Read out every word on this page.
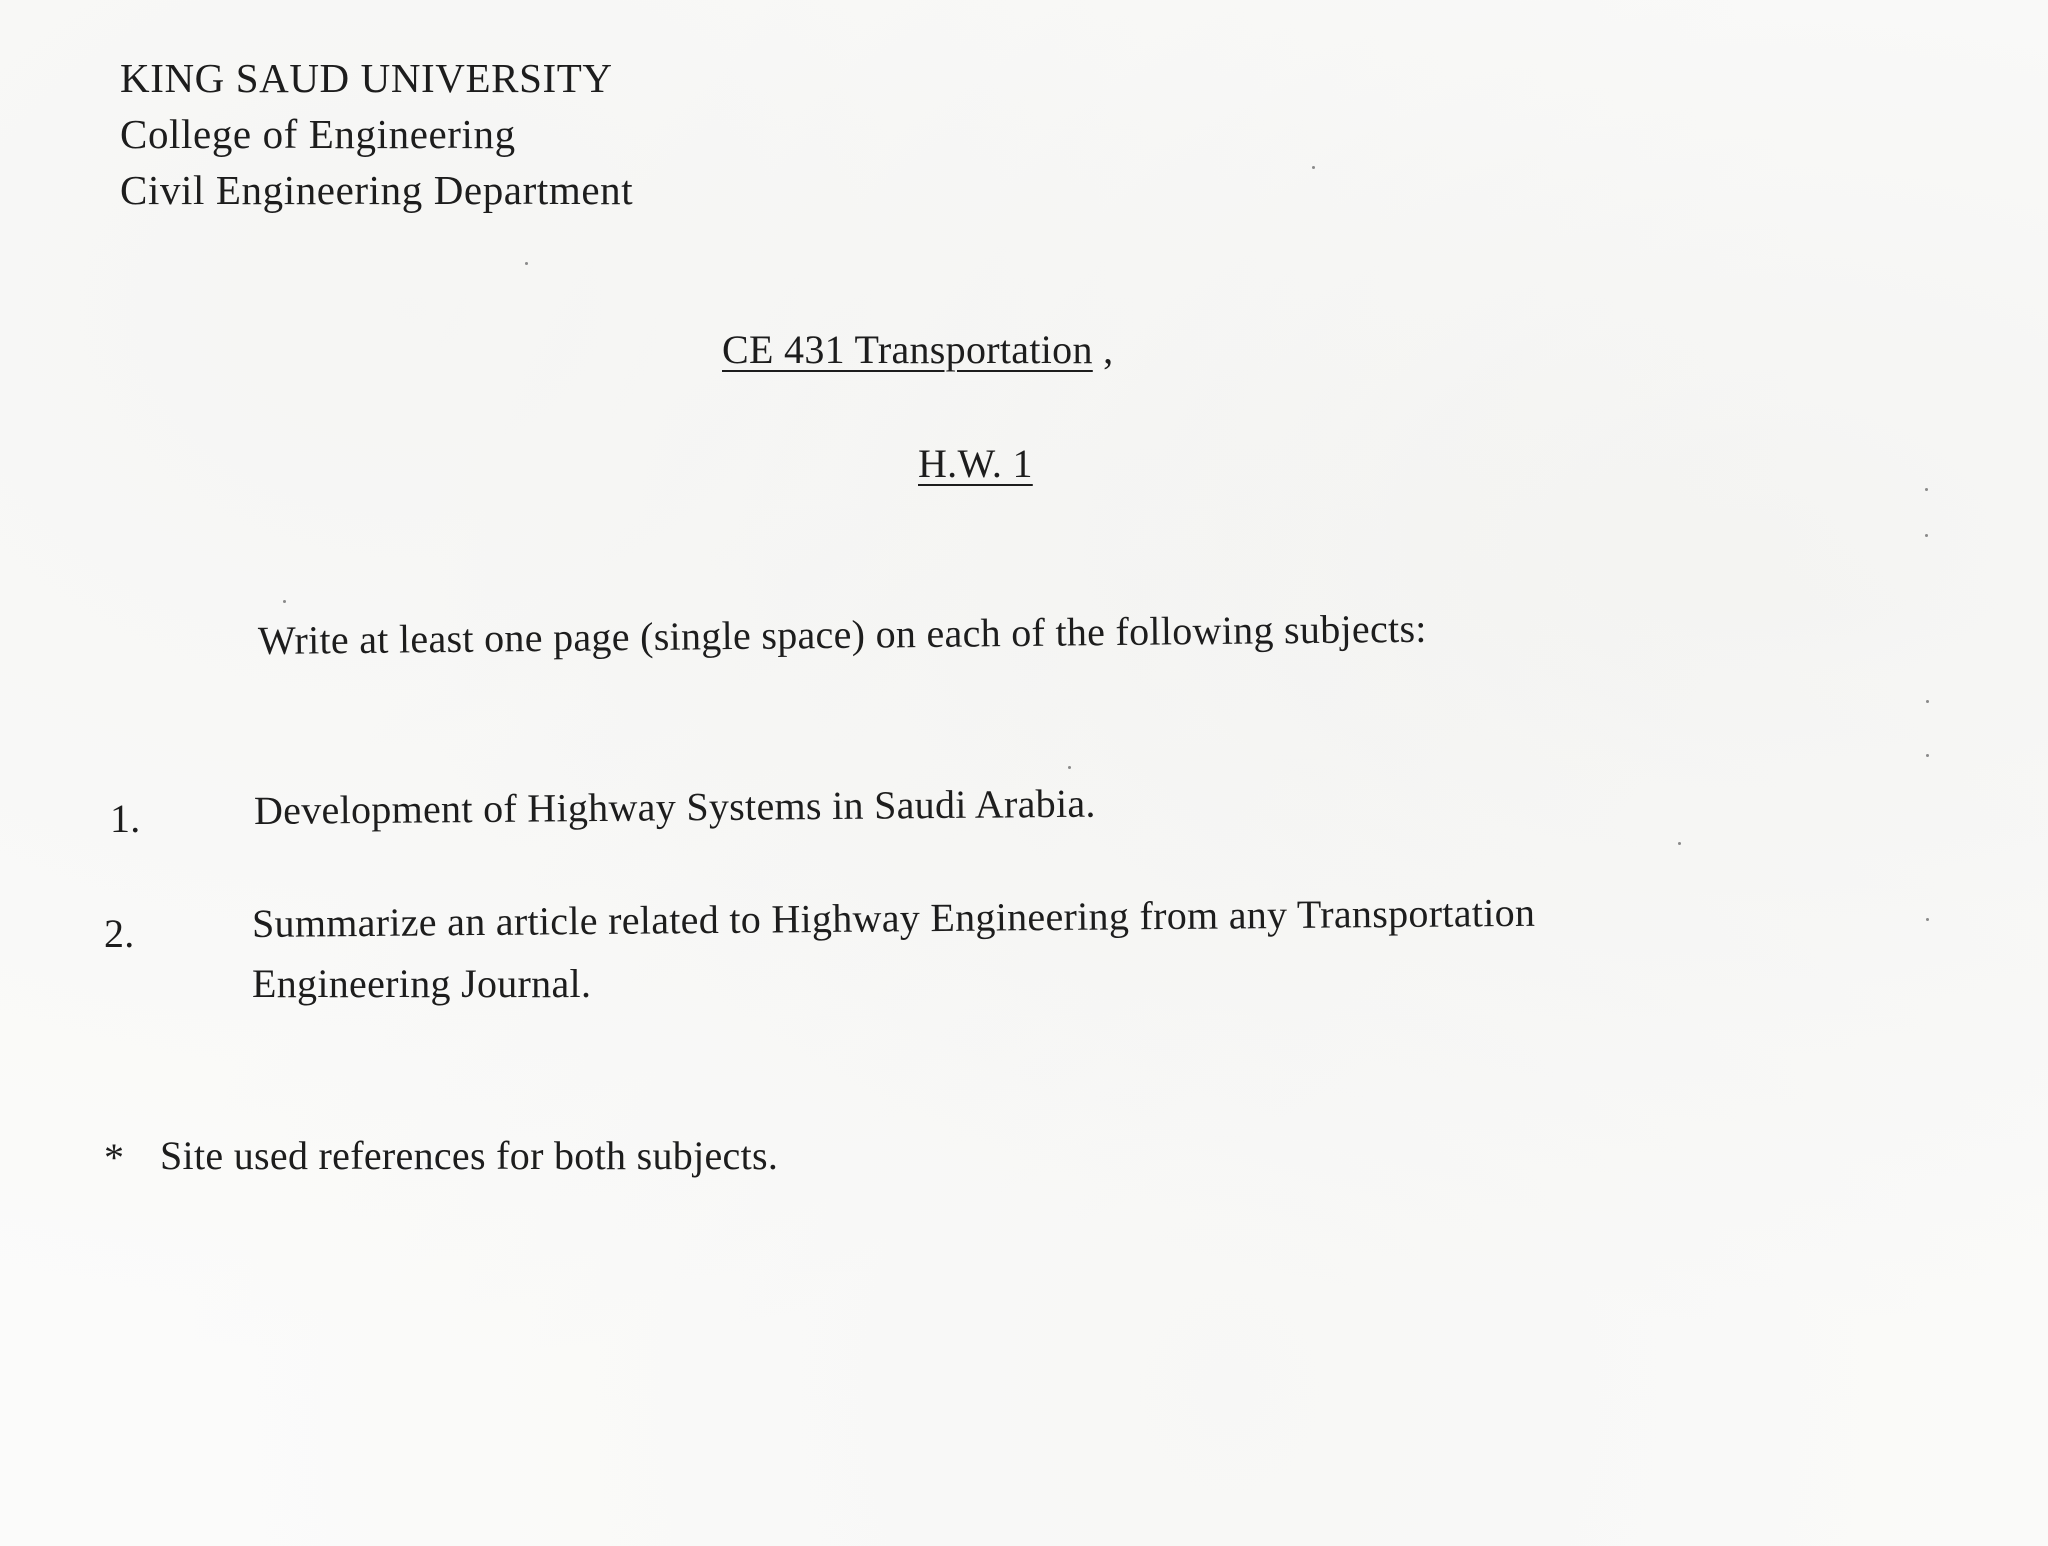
KING SAUD UNIVERSITY
College of Engineering
Civil Engineering Department
CE 431 Transportation ,
H.W. 1
Write at least one page (single space) on each of the following subjects:
1.	Development of Highway Systems in Saudi Arabia.
2.	Summarize an article related to Highway Engineering from any Transportation
Engineering Journal.
* Site used references for both subjects.
